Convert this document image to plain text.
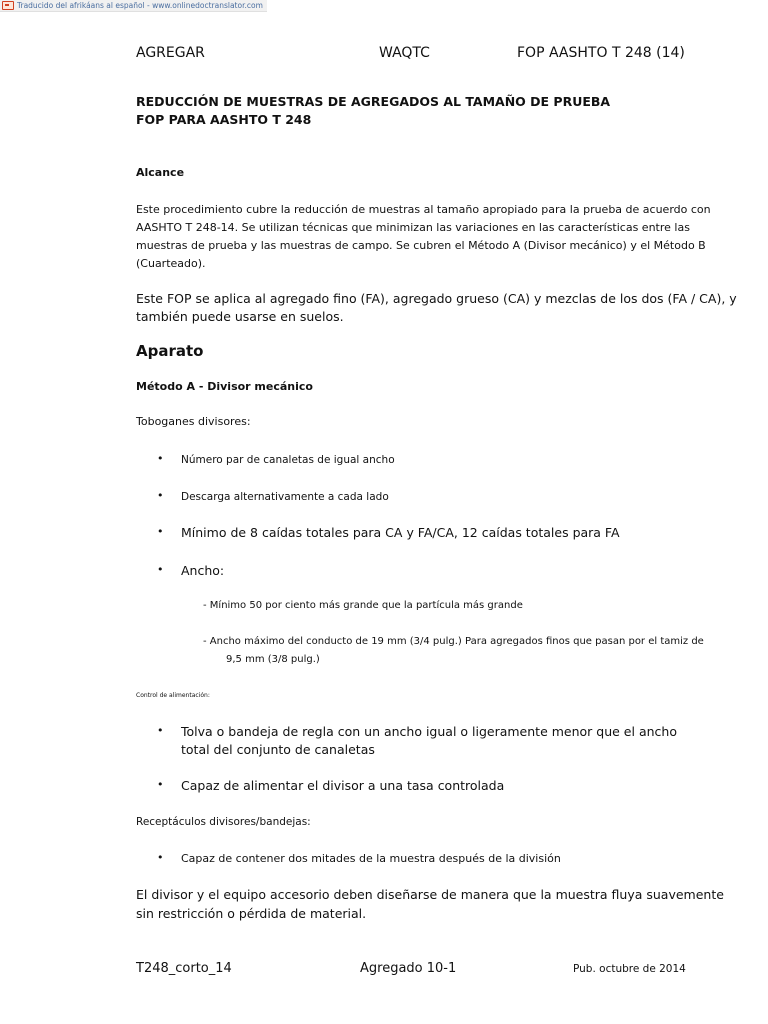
Traducido del afrikáans al español - www.onlinedoctranslator.com
AGREGAR	WAQTC	FOP AASHTO T 248 (14)
REDUCCIÓN DE MUESTRAS DE AGREGADOS AL TAMAÑO DE PRUEBA
FOP PARA AASHTO T 248
Alcance
Este procedimiento cubre la reducción de muestras al tamaño apropiado para la prueba de acuerdo con
AASHTO T 248-14. Se utilizan técnicas que minimizan las variaciones en las características entre las
muestras de prueba y las muestras de campo. Se cubren el Método A (Divisor mecánico) y el Método B
(Cuarteado).
Este FOP se aplica al agregado fino (FA), agregado grueso (CA) y mezclas de los dos (FA / CA), y
también puede usarse en suelos.
Aparato
Método A - Divisor mecánico
Toboganes divisores:
•	Número par de canaletas de igual ancho
•	Descarga alternativamente a cada lado
•	Mínimo de 8 caídas totales para CA y FA/CA, 12 caídas totales para FA
•	Ancho:
- Mínimo 50 por ciento más grande que la partícula más grande
- Ancho máximo del conducto de 19 mm (3/4 pulg.) Para agregados finos que pasan por el tamiz de
9,5 mm (3/8 pulg.)
Control de alimentación:
•	Tolva o bandeja de regla con un ancho igual o ligeramente menor que el ancho
total del conjunto de canaletas
•	Capaz de alimentar el divisor a una tasa controlada
Receptáculos divisores/bandejas:
•	Capaz de contener dos mitades de la muestra después de la división
El divisor y el equipo accesorio deben diseñarse de manera que la muestra fluya suavemente
sin restricción o pérdida de material.
T248_corto_14	Agregado 10-1	Pub. octubre de 2014
